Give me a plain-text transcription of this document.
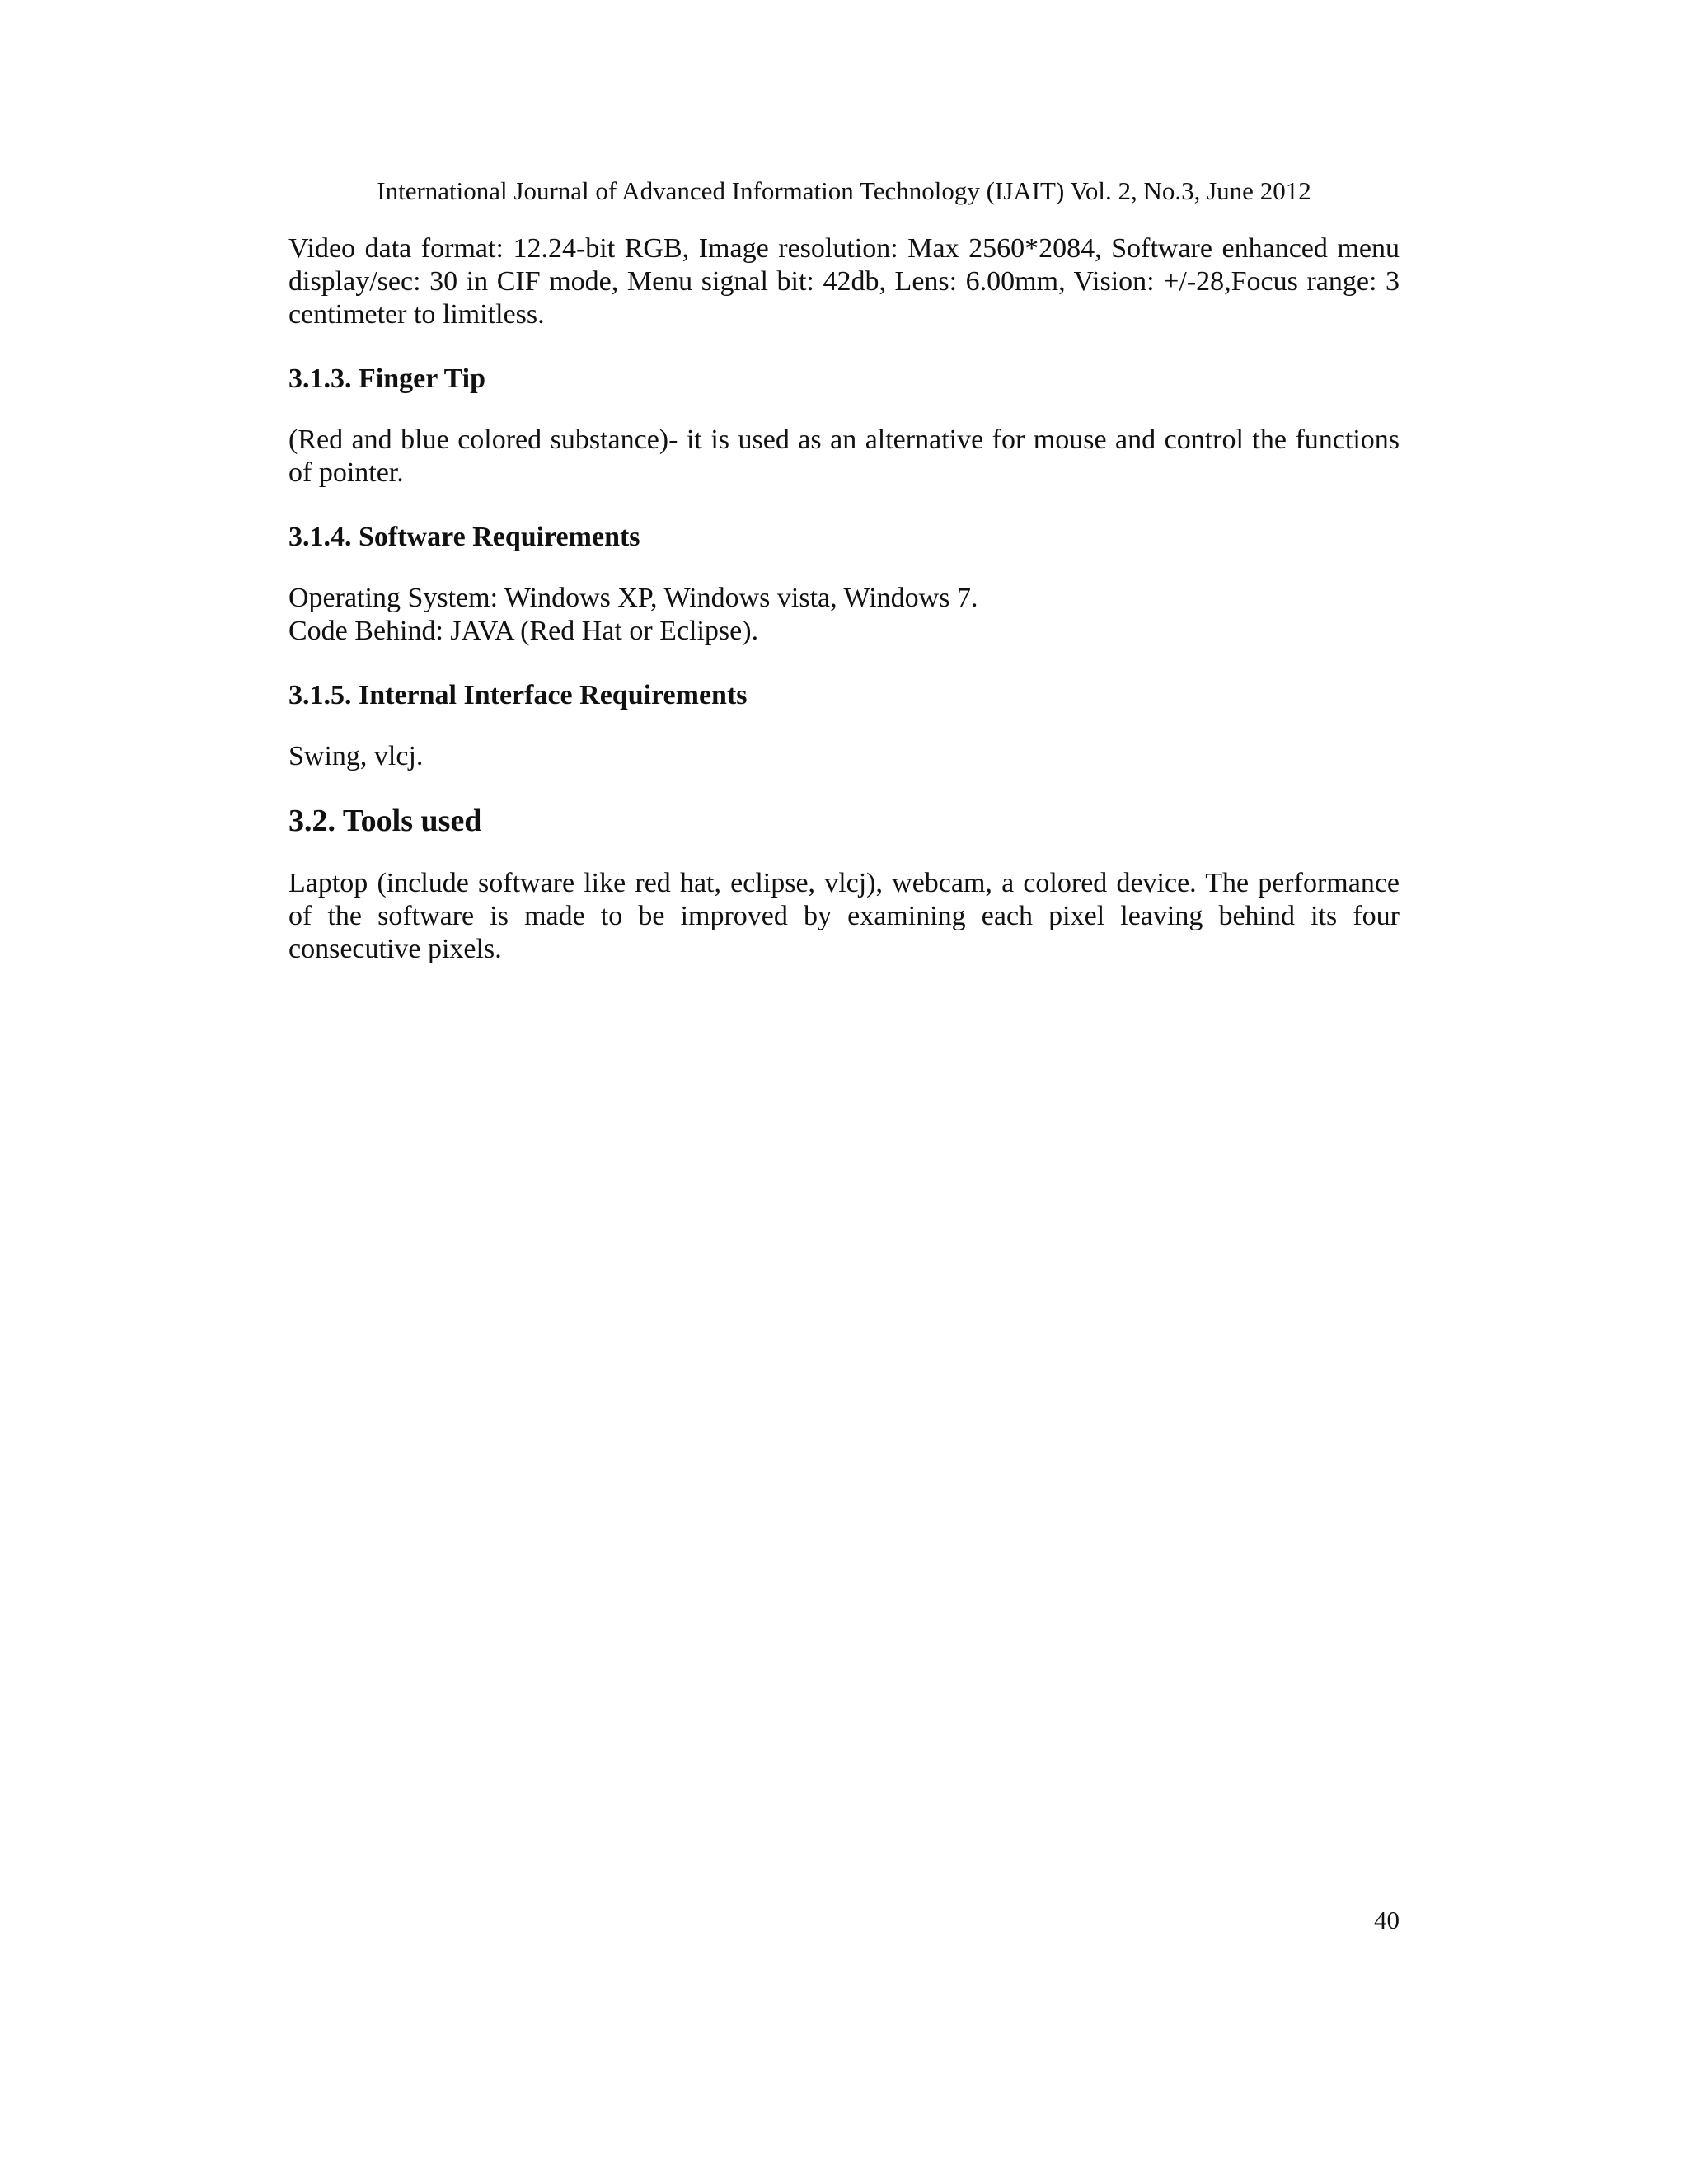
International Journal of Advanced Information Technology (IJAIT) Vol. 2, No.3, June 2012

Video data format: 12.24-bit RGB, Image resolution: Max 2560*2084, Software enhanced menu display/sec: 30 in CIF mode, Menu signal bit: 42db, Lens: 6.00mm, Vision: +/-28,Focus range: 3 centimeter to limitless.

3.1.3. Finger Tip

(Red and blue colored substance)- it is used as an alternative for mouse and control the functions of pointer.

3.1.4. Software Requirements
Operating System: Windows XP, Windows vista, Windows 7.
Code Behind: JAVA (Red Hat or Eclipse).
3.1.5. Internal Interface Requirements

Swing, vlcj.

3.2. Tools used

Laptop (include software like red hat, eclipse, vlcj), webcam, a colored device. The performance of the software is made to be improved by examining each pixel leaving behind its four consecutive pixels.

40
